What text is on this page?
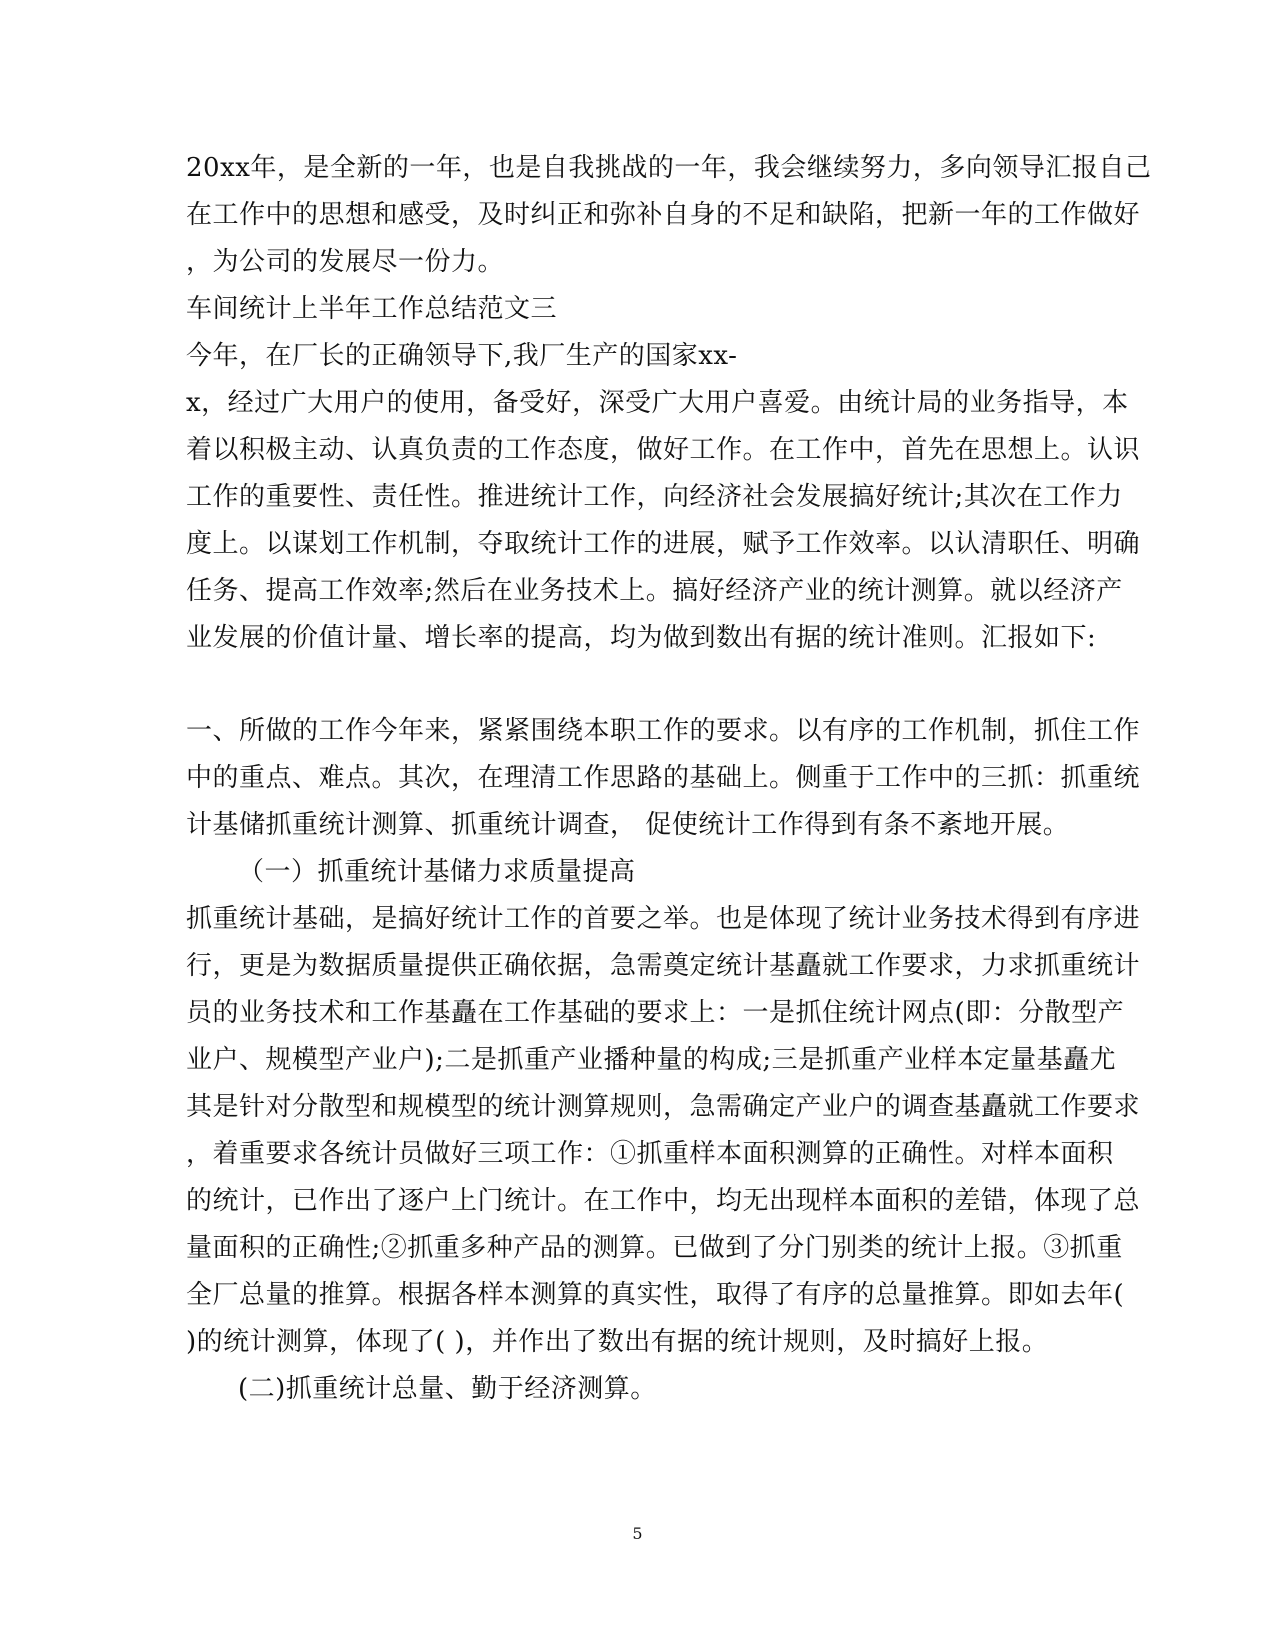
20xx年，是全新的一年，也是自我挑战的一年，我会继续努力，多向领导汇报自己
在工作中的思想和感受，及时纠正和弥补自身的不足和缺陷，把新一年的工作做好
，为公司的发展尽一份力。
车间统计上半年工作总结范文三
今年，在厂长的正确领导下,我厂生产的国家xx-
x，经过广大用户的使用，备受好，深受广大用户喜爱。由统计局的业务指导，本
着以积极主动、认真负责的工作态度，做好工作。在工作中，首先在思想上。认识
工作的重要性、责任性。推进统计工作，向经济社会发展搞好统计;其次在工作力
度上。以谋划工作机制，夺取统计工作的进展，赋予工作效率。以认清职任、明确
任务、提高工作效率;然后在业务技术上。搞好经济产业的统计测算。就以经济产
业发展的价值计量、增长率的提高，均为做到数出有据的统计准则。汇报如下:
一、所做的工作今年来，紧紧围绕本职工作的要求。以有序的工作机制，抓住工作
中的重点、难点。其次，在理清工作思路的基础上。侧重于工作中的三抓：抓重统
计基储抓重统计测算、抓重统计调查， 促使统计工作得到有条不紊地开展。
（一）抓重统计基储力求质量提高
抓重统计基础，是搞好统计工作的首要之举。也是体现了统计业务技术得到有序进
行，更是为数据质量提供正确依据，急需奠定统计基矗就工作要求，力求抓重统计
员的业务技术和工作基矗在工作基础的要求上：一是抓住统计网点(即：分散型产
业户、规模型产业户);二是抓重产业播种量的构成;三是抓重产业样本定量基矗尤
其是针对分散型和规模型的统计测算规则，急需确定产业户的调查基矗就工作要求
，着重要求各统计员做好三项工作：①抓重样本面积测算的正确性。对样本面积
的统计，已作出了逐户上门统计。在工作中，均无出现样本面积的差错，体现了总
量面积的正确性;②抓重多种产品的测算。已做到了分门别类的统计上报。③抓重
全厂总量的推算。根据各样本测算的真实性，取得了有序的总量推算。即如去年(
)的统计测算，体现了( )，并作出了数出有据的统计规则，及时搞好上报。
(二)抓重统计总量、勤于经济测算。
5
